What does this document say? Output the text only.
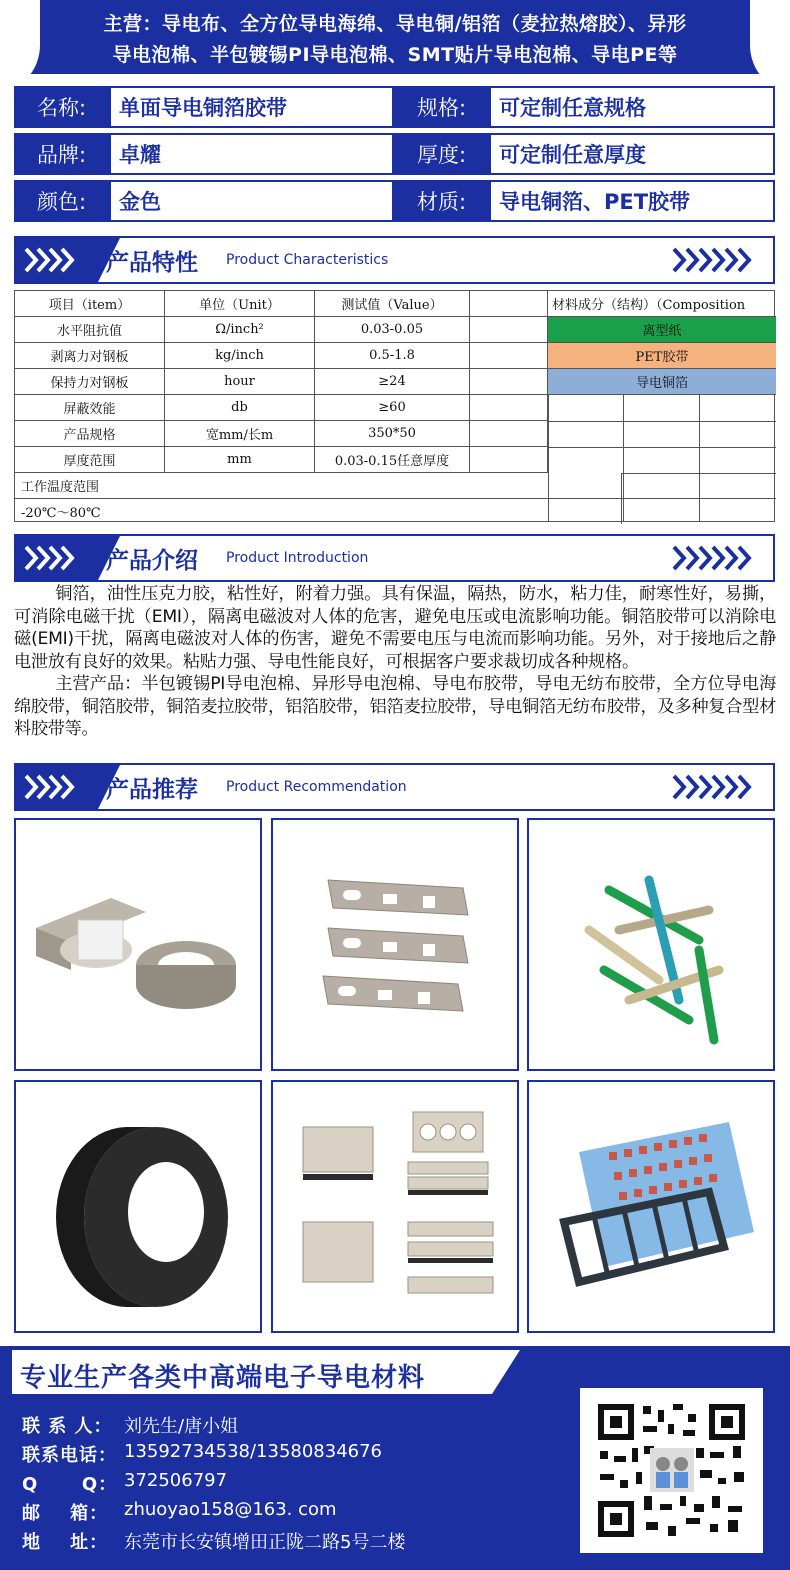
主营：导电布、全方位导电海绵、导电铜/铝箔（麦拉热熔胶）、异形
导电泡棉、半包镀锡PI导电泡棉、SMT贴片导电泡棉、导电PE等
名称:	单面导电铜箔胶带	规格:	可定制任意规格
品牌:	卓耀	厚度:	可定制任意厚度
颜色:	金色	材质:	导电铜箔、PET胶带
产品特性 Product Characteristics
项目（item）	单位（Unit）	测试值（Value）	材料成分（结构）（Composition
水平阻抗值	Ω/inch²	0.03-0.05	离型纸
剥离力对钢板	kg/inch	0.5-1.8	PET胶带
保持力对钢板	hour	≥24	导电铜箔
屏蔽效能	db	≥60
产品规格	宽mm/长m	350*50
厚度范围	mm	0.03-0.15任意厚度
工作温度范围
-20℃～80℃
产品介绍 Product Introduction

铜箔，油性压克力胶，粘性好，附着力强。具有保温，隔热，防水，粘力佳，耐寒性好，易撕，可消除电磁干扰（EMI），隔离电磁波对人体的危害，避免电压或电流影响功能。铜箔胶带可以消除电磁(EMI)干扰，隔离电磁波对人体的伤害，避免不需要电压与电流而影响功能。另外，对于接地后之静电泄放有良好的效果。粘贴力强、导电性能良好，可根据客户要求裁切成各种规格。

主营产品：半包镀锡PI导电泡棉、异形导电泡棉、导电布胶带，导电无纺布胶带，全方位导电海绵胶带，铜箔胶带，铜箔麦拉胶带，铝箔胶带，铝箔麦拉胶带，导电铜箔无纺布胶带，及多种复合型材料胶带等。

产品推荐 Product Recommendation
专业生产各类中高端电子导电材料
联 系 人： 刘先生/唐小姐
联系电话： 13592734538/13580834676
Q      Q： 372506797
邮    箱： zhuoyao158@163. com
地    址： 东莞市长安镇增田正陇二路5号二楼
